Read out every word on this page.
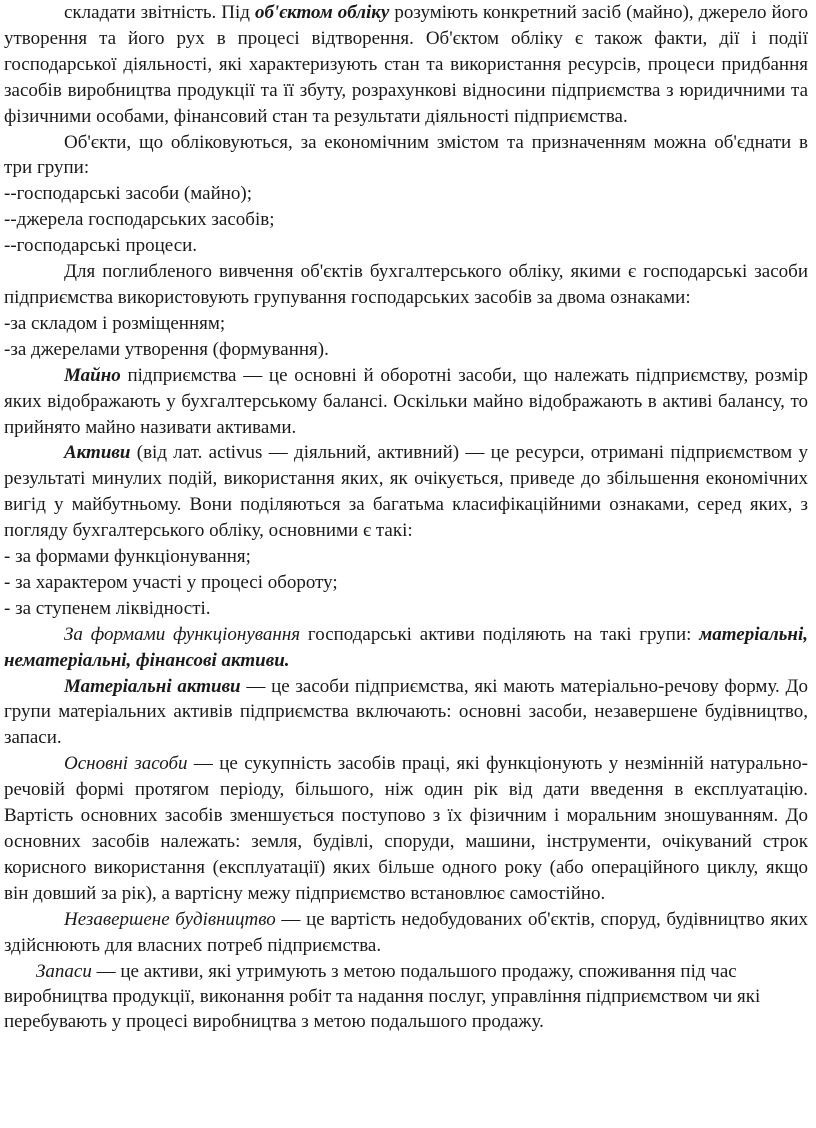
складати звітність. Під об'єктом обліку розуміють конкретний засіб (майно), джерело його утворення та його рух в процесі відтворення. Об'єктом обліку є також факти, дії і події господарської діяльності, які характеризують стан та використання ресурсів, процеси придбання засобів виробництва продукції та її збуту, розрахункові відносини підприємства з юридичними та фізичними особами, фінансовий стан та результати діяльності підприємства.

Об'єкти, що обліковуються, за економічним змістом та призначенням можна об'єднати в три групи:

--господарські засоби (майно);

--джерела господарських засобів;

--господарські процеси.

Для поглибленого вивчення об'єктів бухгалтерського обліку, якими є господарські засоби підприємства використовують групування господарських засобів за двома ознаками:

-за складом і розміщенням;

-за джерелами утворення (формування).

Майно підприємства — це основні й оборотні засоби, що належать підприємству, розмір яких відображають у бухгалтерському балансі. Оскільки майно відображають в активі балансу, то прийнято майно називати активами.

Активи (від лат. activus — діяльний, активний) — це ресурси, отримані підприємством у результаті минулих подій, використання яких, як очікується, приведе до збільшення економічних вигід у майбутньому. Вони поділяються за багатьма класифікаційними ознаками, серед яких, з погляду бухгалтерського обліку, основними є такі:

- за формами функціонування;

- за характером участі у процесі обороту;

- за ступенем ліквідності.

За формами функціонування господарські активи поділяють на такі групи: матеріальні, нематеріальні, фінансові активи.

Матеріальні активи — це засоби підприємства, які мають матеріально-речову форму. До групи матеріальних активів підприємства включають: основні засоби, незавершене будівництво, запаси.

Основні засоби — це сукупність засобів праці, які функціонують у незмінній натурально-речовій формі протягом періоду, більшого, ніж один рік від дати введення в експлуатацію. Вартість основних засобів зменшується поступово з їх фізичним і моральним зношуванням. До основних засобів належать: земля, будівлі, споруди, машини, інструменти, очікуваний строк корисного використання (експлуатації) яких більше одного року (або операційного циклу, якщо він довший за рік), а вартісну межу підприємство встановлює самостійно.

Незавершене будівництво — це вартість недобудованих об'єктів, споруд, будівництво яких здійснюють для власних потреб підприємства.

Запаси — це активи, які утримують з метою подальшого продажу, споживання під час виробництва продукції, виконання робіт та надання послуг, управління підприємством чи які перебувають у процесі виробництва з метою подальшого продажу.
